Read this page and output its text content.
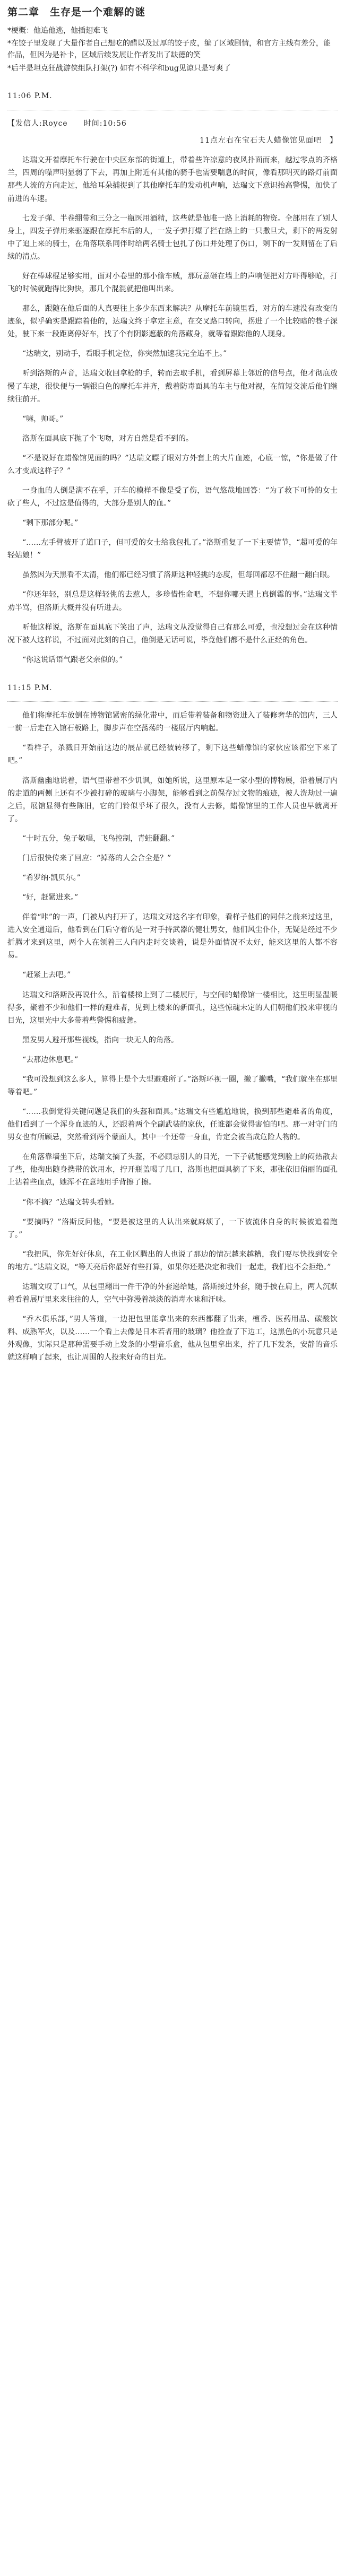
第二章　生存是一个难解的谜

*梗概：他追他逃，他插翅难飞

*在饺子里发现了大量作者自己想吃的醋以及过厚的饺子皮，编了区域剧情，和官方主线有差分，能作品，但因为是补卡，区域后续发展让作者发出了缺德的笑

*后半是坦克狂战游侠组队打架(?) 如有不科学和bug见谅只是写爽了

11:06 P.M.

【发信人:Royce　　时间:10:56

11点左右在宝石夫人蜡像馆见面吧　】

达瑞文开着摩托车行驶在中央区东部的街道上，带着些许凉意的夜风扑面而来，越过零点的齐格兰，四周的噪声明显弱了下去，再加上附近有其他的骑手也需要喘息的时间，像看那明灭的路灯前面那些人流的方向走过，他给耳朵捕捉到了其他摩托车的发动机声响，达瑞文下意识抬高警惕，加快了前进的车速。

七发子弹、半卷绷带和三分之一瓶医用酒精，这些就是他唯一路上消耗的物资。全部用在了别人身上，四发子弹用来驱逐跟在摩托车后的人，一发子弹打爆了拦在路上的一只撒旦犬，剩下的两发射中了追上来的骑士，在角落联系同伴时给两名骑士包扎了伤口并处理了伤口，剩下的一发则留在了后续的清点。

好在棒球棍足够实用，面对小卷里的那小偷车贼，那玩意砸在墙上的声响便把对方吓得够呛，打飞的时候就跑得比狗快，那几个混混就把他叫出来。

那么，跟随在他后面的人真要往上多少东西来解决？从摩托车前镜里看，对方的车速没有改变的迹象，似乎确实是跟踪着他的，达瑞文终于拿定主意，在交叉路口转向，拐进了一个比较暗的巷子深处，驶下来一段距离停好车，找了个有阴影遮蔽的角落藏身，就等着跟踪他的人现身。

“达瑞文，别动手，看眼手机定位，你突然加速我完全追不上。”

听到洛斯的声音，达瑞文收回拿枪的手，转而去取手机，看到屏幕上邻近的信号点，他才彻底放慢了车速，很快便与一辆银白色的摩托车并齐，戴着防毒面具的车主与他对视，在简短交流后他们继续往前开。

“嘛，帅哥。”

洛斯在面具底下抛了个飞吻，对方自然是看不到的。

“不是说好在蜡像馆见面的吗？”达瑞文瞟了眼对方外套上的大片血迹，心底一惊，“你是做了什么才变成这样子？”

一身血的人倒是满不在乎，开车的模样不像是受了伤，语气悠哉地回答：“为了救下可怜的女士砍了些人，不过这是值得的，大部分是别人的血。”

“剩下那部分呢。”

“……左手臂被开了道口子，但可爱的女士给我包扎了。”洛斯重复了一下主要情节，“超可爱的年轻姑娘！”

虽然因为天黑看不太清，他们都已经习惯了洛斯这种轻挑的态度，但每回都忍不住翻一翻白眼。

“你还年轻，别总是这样轻佻的去惹人，多珍惜性命吧，不想你哪天遇上真倒霉的事。”达瑞文半劝半骂，但洛斯大概并没有听进去。

听他这样说，洛斯在面具底下笑出了声，达瑞文从没觉得自己有那么可爱，也没想过会在这种情况下被人这样说，不过面对此刻的自己，他倒是无话可说，毕竟他们都不是什么正经的角色。

“你这说话语气跟老父亲似的。”

11:15 P.M.

他们将摩托车放倒在博物馆紧密的绿化带中，而后带着装备和物资进入了装修奢华的馆内，三人一前一后走在入馆石板路上，脚步声在空荡荡的一楼展厅内响起。

“看样子，杀戮日开始前这边的展品就已经被转移了，剩下这些蜡像馆的家伙应该都空下来了吧。”

洛斯幽幽地说着，语气里带着不少讥讽，如她所说，这里原本是一家小型的博物展，沿着展厅内的走道的两侧上还有不少被打碎的玻璃与小脚架，能够看到之前保存过文物的痕迹，被人洗劫过一遍之后，展馆显得有些陈旧，它的门铃似乎坏了很久，没有人去修，蜡像馆里的工作人员也早就离开了。

“十时五分，兔子敬唱，飞鸟控制，青蛙翻翻。”

门后很快传来了回应：“掉落的人会合全是？”

“希罗纳·凯贝尔。”

“好，赶紧进来。”

伴着“咔”的一声，门被从内打开了，达瑞文对这名字有印象，看样子他们的同伴之前来过这里，进入安全通道后，他看到在门后守着的是一对手持武器的健壮男女，他们风尘仆仆，无疑是经过不少折腾才来到这里，两个人在领着三人向内走时交谈着，说是外面情况不太好，能来这里的人都不容易。

“赶紧上去吧。”

达瑞文和洛斯没再说什么，沿着楼梯上到了二楼展厅，与空间的蜡像馆一楼相比，这里明显温暖得多，聚着不少和他们一样的避难者，见到上楼来的新面孔，这些惊魂未定的人们朝他们投来审视的目光，这里光中大多带着些警惕和疲惫。

黑发男人避开那些视线，指向一块无人的角落。

“去那边休息吧。”

“我可没想到这么多人，算得上是个大型避难所了。”洛斯环视一圈，撇了撇嘴，“我们就坐在那里等着吧。”

“……我倒觉得关键问题是我们的头盔和面具。”达瑞文有些尴尬地说，换到那些避难者的角度，他们看到了一个浑身血迹的人，还跟着两个全副武装的家伙，任谁都会觉得害怕的吧。那一对守门的男女也有所顾忌，突然看到两个蒙面人，其中一个还带一身血，肯定会被当成危险人物的。

在角落靠墙坐下后，达瑞文摘了头盔，不必顾忌别人的目光，一下子就能感觉到脸上的闷热散去了些，他掏出随身携带的饮用水，拧开瓶盖喝了几口，洛斯也把面具摘了下来，那张依旧俏丽的面孔上沾着些血点，她浑不在意地用手背擦了擦。

“你不摘？”达瑞文转头看她。

“要摘吗？”洛斯反问他，“要是被这里的人认出来就麻烦了，一下被流体自身的时候被追着跑了。”

“我把风，你先好好休息，在工业区腾出的人也说了那边的情况越来越糟，我们要尽快找到安全的地方。”达瑞文说，“等天亮后你最好有些打算，如果你还是决定和我们一起走，我们也不会拒绝。”

达瑞文叹了口气，从包里翻出一件干净的外套递给她，洛斯接过外套，随手披在肩上，两人沉默着看着展厅里来来往往的人，空气中弥漫着淡淡的消毒水味和汗味。

“乔木俱乐部，”男人答道，一边把包里能拿出来的东西都翻了出来，檀香、医药用品、碳酸饮料、成熟军火，以及……一个看上去像是日本若者用的玻璃？他捡查了下边工，这黑色的小玩意只是外观像，实际只是那种需要手动上发条的小型音乐盒，他从包里拿出来，拧了几下发条，安静的音乐就这样响了起来，也让周围的人投来好奇的目光。
